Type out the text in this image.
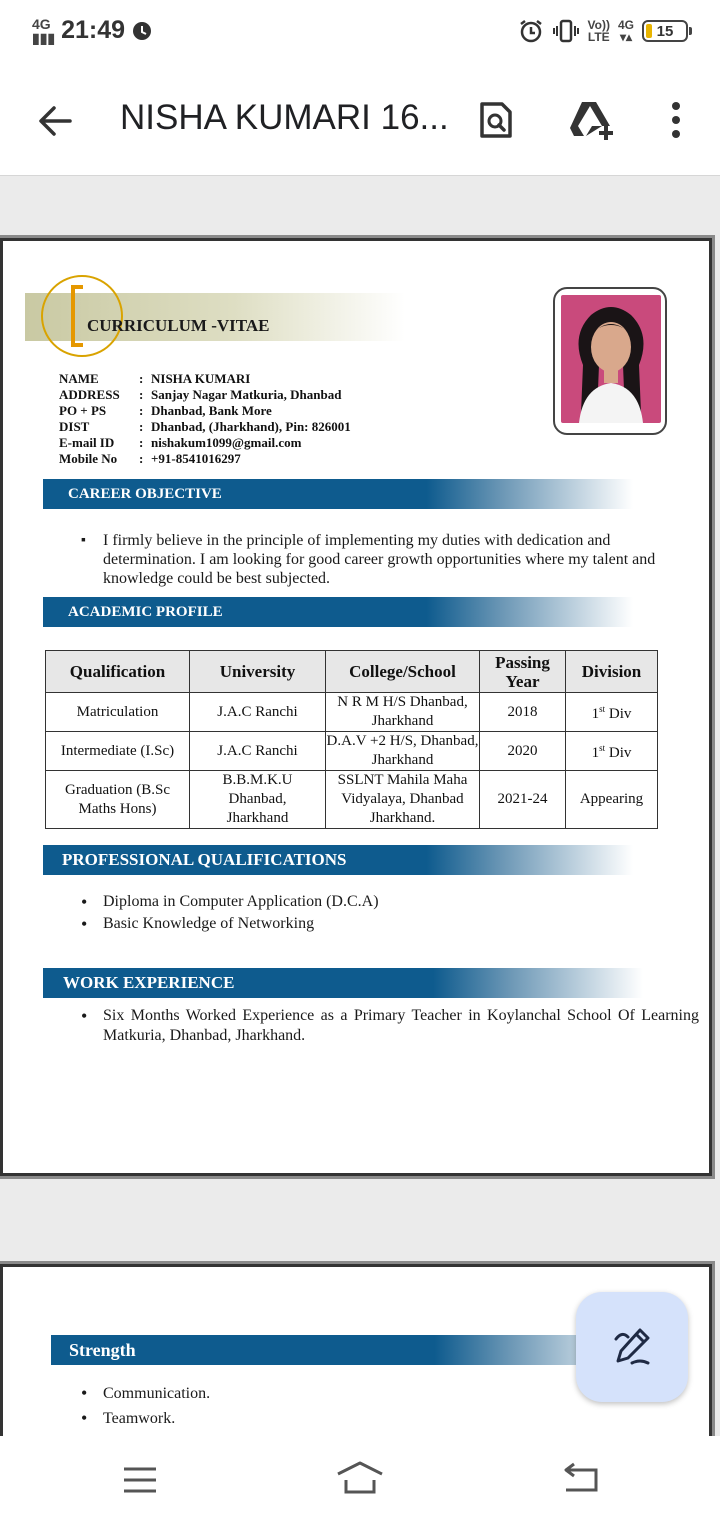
4G
▮▮▮ 21:49	Vo))
LTE
4G
▾▴ 15
NISHA KUMARI 16...
CURRICULUM -VITAE
NAME	: NISHA KUMARI
ADDRESS	: Sanjay Nagar Matkuria, Dhanbad
PO + PS	: Dhanbad, Bank More
DIST	: Dhanbad, (Jharkhand), Pin: 826001
E-mail ID	: nishakum1099@gmail.com
Mobile No	: +91-8541016297
CAREER OBJECTIVE
▪ I firmly believe in the principle of implementing my duties with dedication and determination. I am looking for good career growth opportunities where my talent and knowledge could be best subjected.
ACADEMIC PROFILE
Qualification	University	College/School	Passing Year	Division
Matriculation	J.A.C Ranchi	N R M H/S Dhanbad, Jharkhand	2018	1st Div
Intermediate (I.Sc)	J.A.C Ranchi	D.A.V +2 H/S, Dhanbad, Jharkhand	2020	1st Div
Graduation (B.Sc Maths Hons)	B.B.M.K.U Dhanbad, Jharkhand	SSLNT Mahila Maha Vidyalaya, Dhanbad Jharkhand.	2021-24	Appearing
PROFESSIONAL QUALIFICATIONS
• Diploma in Computer Application (D.C.A)
• Basic Knowledge of Networking
WORK EXPERIENCE
• Six Months Worked Experience as a Primary Teacher in Koylanchal School Of Learning Matkuria, Dhanbad, Jharkhand.
Strength
• Communication.
• Teamwork.
